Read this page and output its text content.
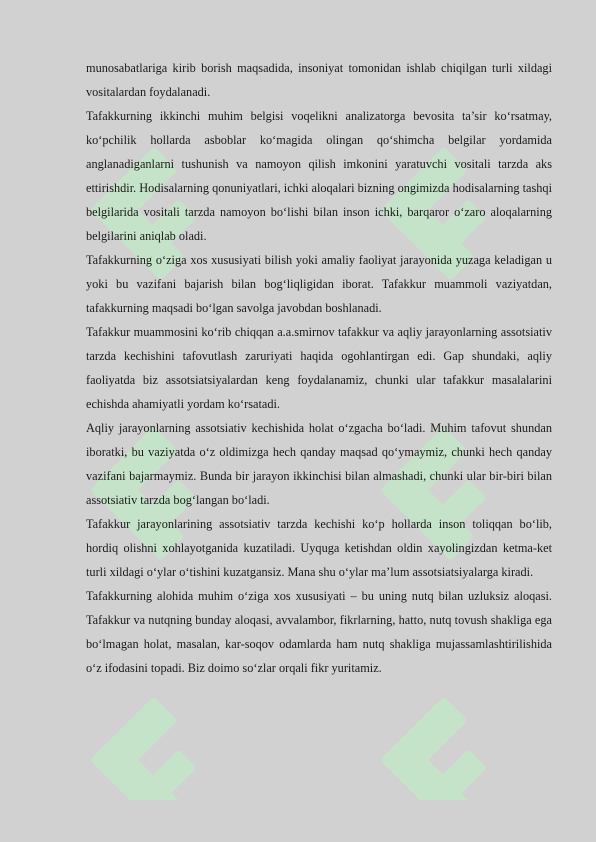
munosabatlariga kirib borish maqsadida, insoniyat tomonidan ishlab chiqilgan turli xildagi vositalardan foydalanadi.

Tafakkurning ikkinchi muhim belgisi voqelikni analizatorga bevosita ta’sir ko‘rsatmay, ko‘pchilik hollarda asboblar ko‘magida olingan qo‘shimcha belgilar yordamida anglanadiganlarni tushunish va namoyon qilish imkonini yaratuvchi vositali tarzda aks ettirishdir. Hodisalarning qonuniyatlari, ichki aloqalari bizning ongimizda hodisalarning tashqi belgilarida vositali tarzda namoyon bo‘lishi bilan inson ichki, barqaror o‘zaro aloqalarning belgilarini aniqlab oladi.

Tafakkurning o‘ziga xos xususiyati bilish yoki amaliy faoliyat jarayonida yuzaga keladigan u yoki bu vazifani bajarish bilan bog‘liqligidan iborat. Tafakkur muammoli vaziyatdan, tafakkurning maqsadi bo‘lgan savolga javobdan boshlanadi.

Tafakkur muammosini ko‘rib chiqqan a.a.smirnov tafakkur va aqliy jarayonlarning assotsiativ tarzda kechishini tafovutlash zaruriyati haqida ogohlantirgan edi. Gap shundaki, aqliy faoliyatda biz assotsiatsiyalardan keng foydalanamiz, chunki ular tafakkur masalalarini echishda ahamiyatli yordam ko‘rsatadi.

Aqliy jarayonlarning assotsiativ kechishida holat o‘zgacha bo‘ladi. Muhim tafovut shundan iboratki, bu vaziyatda o‘z oldimizga hech qanday maqsad qo‘ymaymiz, chunki hech qanday vazifani bajarmaymiz. Bunda bir jarayon ikkinchisi bilan almashadi, chunki ular bir-biri bilan assotsiativ tarzda bog‘langan bo‘ladi.

Tafakkur jarayonlarining assotsiativ tarzda kechishi ko‘p hollarda inson toliqqan bo‘lib, hordiq olishni xohlayotganida kuzatiladi. Uyquga ketishdan oldin xayolingizdan ketma-ket turli xildagi o‘ylar o‘tishini kuzatgansiz. Mana shu o‘ylar ma’lum assotsiatsiyalarga kiradi.

Tafakkurning alohida muhim o‘ziga xos xususiyati – bu uning nutq bilan uzluksiz aloqasi. Tafakkur va nutqning bunday aloqasi, avvalambor, fikrlarning, hatto, nutq tovush shakliga ega bo‘lmagan holat, masalan, kar-soqov odamlarda ham nutq shakliga mujassamlashtirilishida o‘z ifodasini topadi. Biz doimo so‘zlar orqali fikr yuritamiz.
